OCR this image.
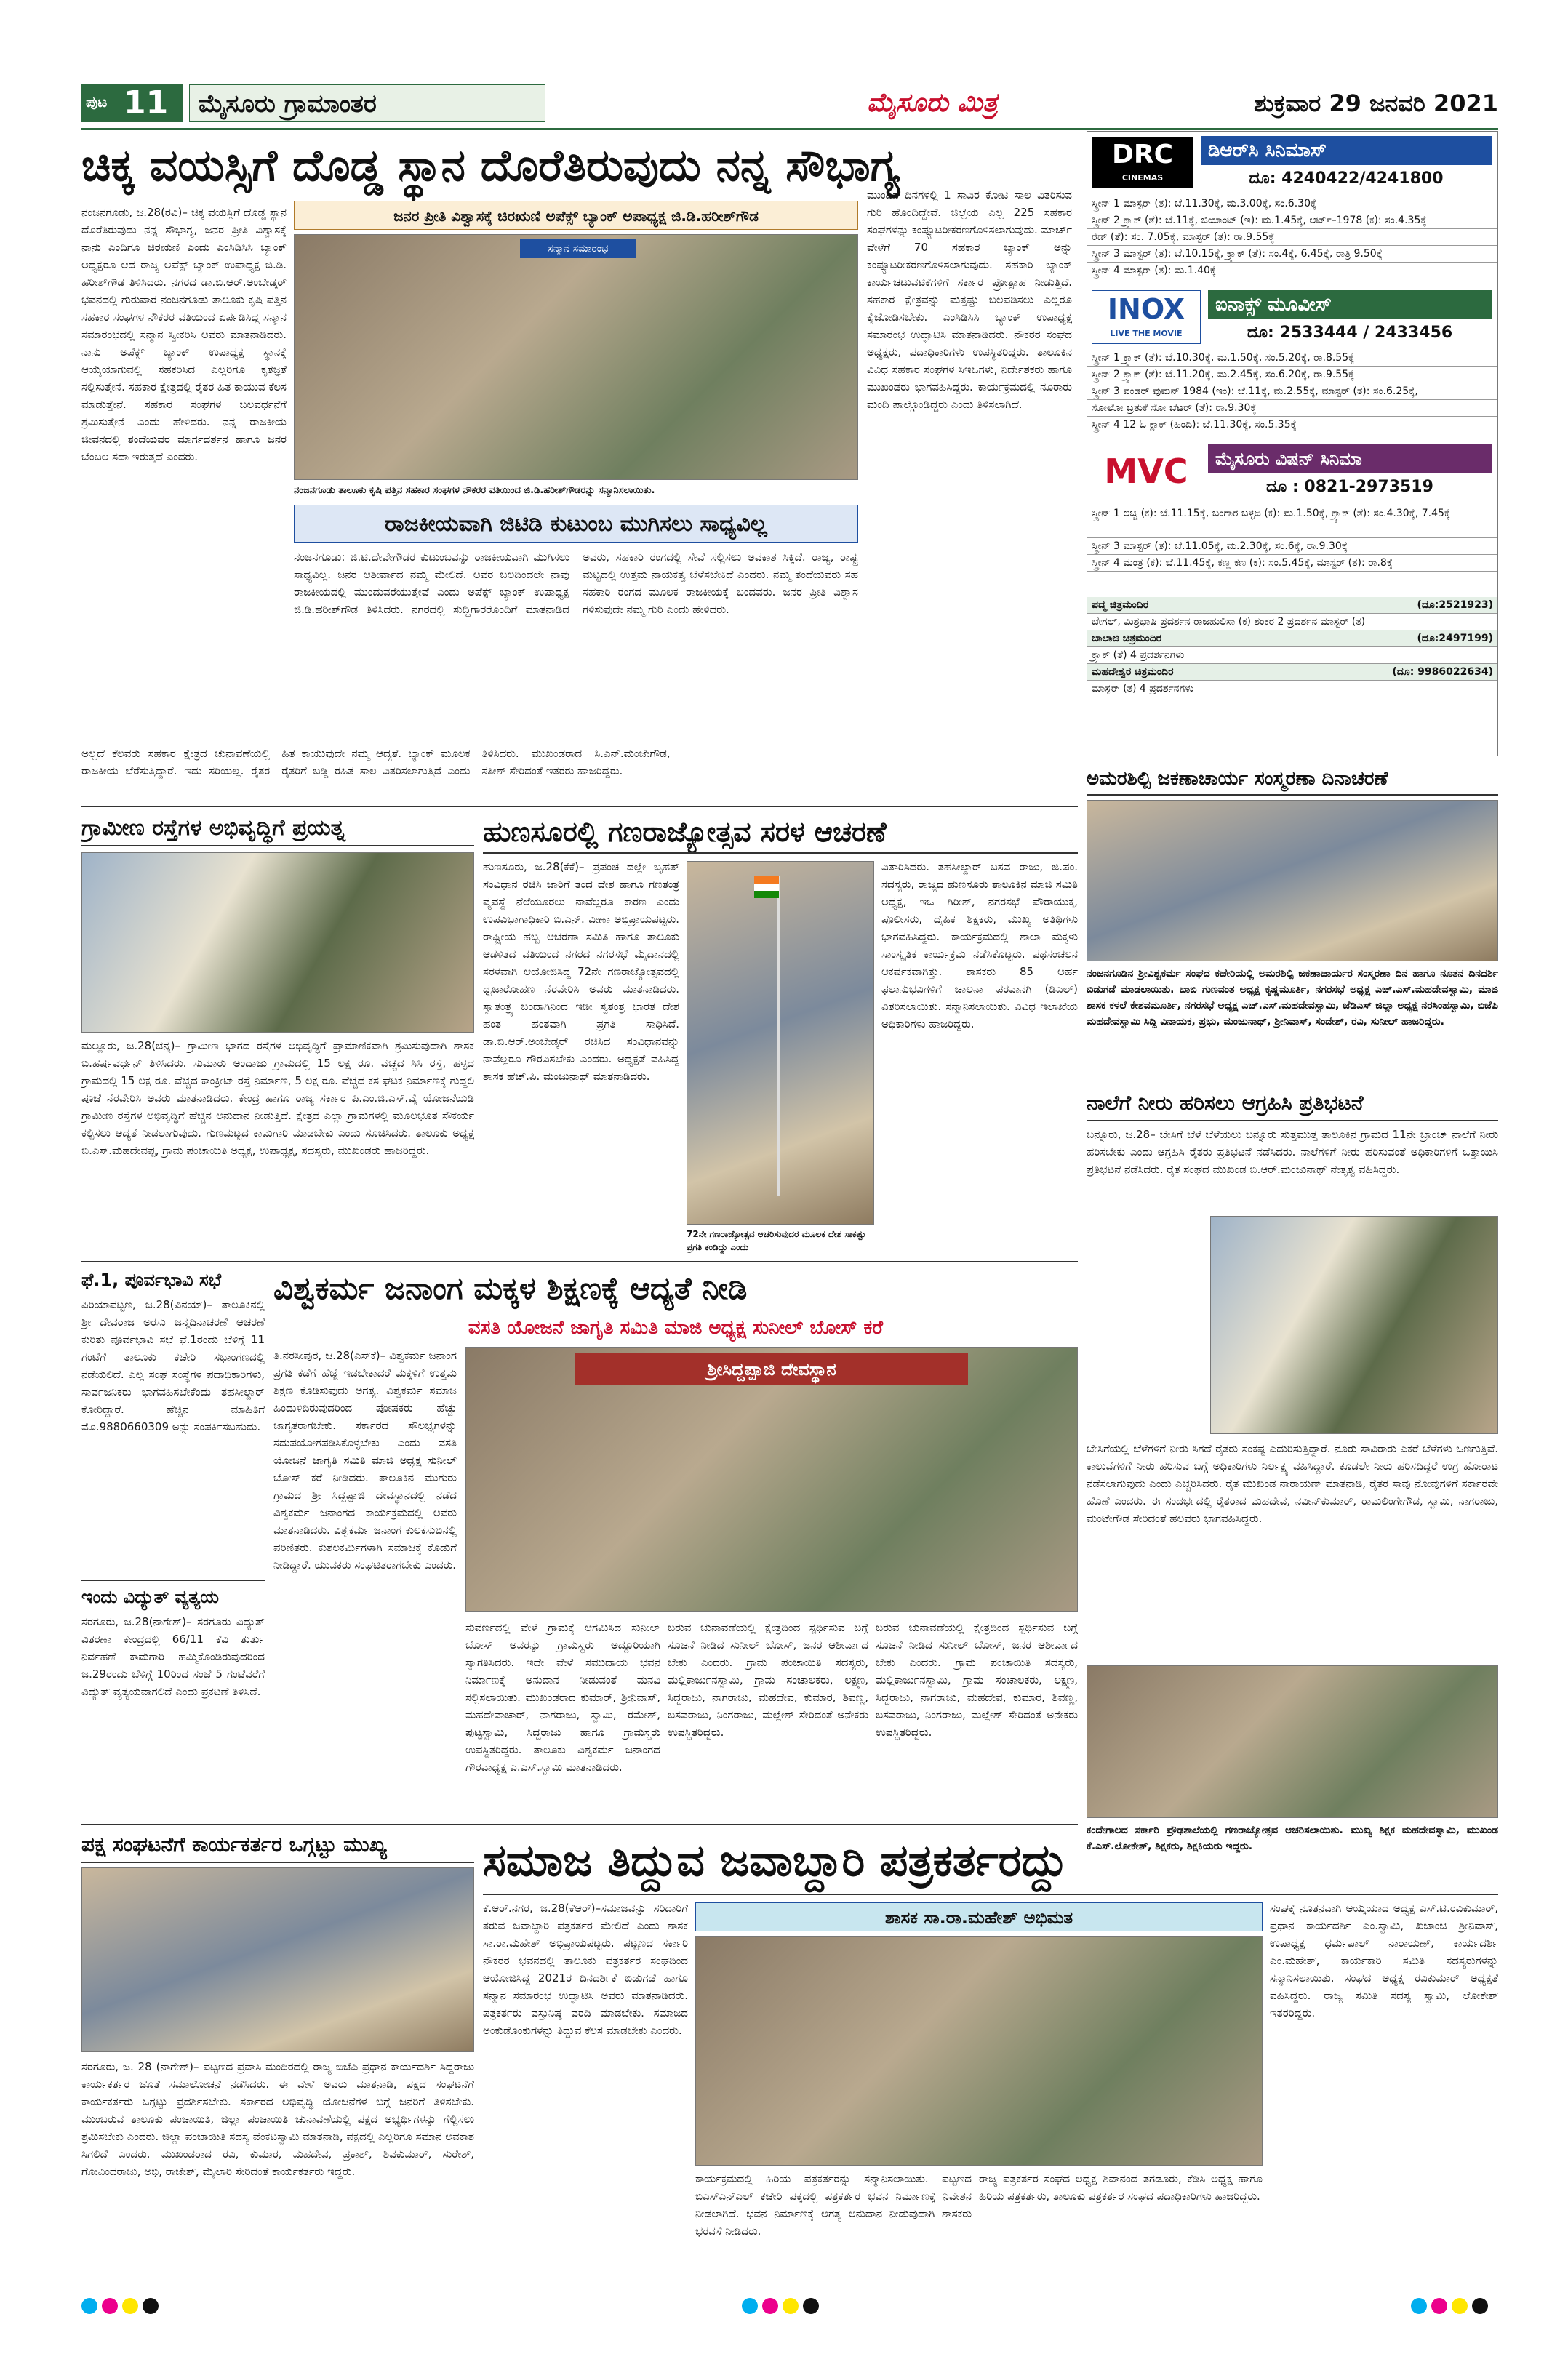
ಪುಟ 11	ಮೈಸೂರು ಗ್ರಾಮಾಂತರ	ಮೈಸೂರು ಮಿತ್ರ	ಶುಕ್ರವಾರ 29 ಜನವರಿ 2021
ಚಿಕ್ಕ ವಯಸ್ಸಿಗೆ ದೊಡ್ಡ ಸ್ಥಾನ ದೊರೆತಿರುವುದು ನನ್ನ ಸೌಭಾಗ್ಯ
ನಂಜನಗೂಡು, ಜ.28(ರವಿ)– ಚಿಕ್ಕ ವಯಸ್ಸಿಗೆ ದೊಡ್ಡ ಸ್ಥಾನ ದೊರೆತಿರುವುದು ನನ್ನ ಸೌಭಾಗ್ಯ, ಜನರ ಪ್ರೀತಿ ವಿಶ್ವಾಸಕ್ಕೆ ನಾನು ಎಂದಿಗೂ ಚಿರಋಣಿ ಎಂದು ಎಂಸಿಡಿಸಿಸಿ ಬ್ಯಾಂಕ್ ಅಧ್ಯಕ್ಷರೂ ಆದ ರಾಜ್ಯ ಅಪೆಕ್ಸ್ ಬ್ಯಾಂಕ್ ಉಪಾಧ್ಯಕ್ಷ ಜಿ.ಡಿ. ಹರೀಶ್‌ಗೌಡ ತಿಳಿಸಿದರು. ನಗರದ ಡಾ.ಬಿ.ಆರ್.ಅಂಬೇಡ್ಕರ್ ಭವನದಲ್ಲಿ ಗುರುವಾರ ನಂಜನಗೂಡು ತಾಲೂಕು ಕೃಷಿ ಪತ್ತಿನ ಸಹಕಾರ ಸಂಘಗಳ ನೌಕರರ ವತಿಯಿಂದ ಏರ್ಪಡಿಸಿದ್ದ ಸನ್ಮಾನ ಸಮಾರಂಭದಲ್ಲಿ ಸನ್ಮಾನ ಸ್ವೀಕರಿಸಿ ಅವರು ಮಾತನಾಡಿದರು. ನಾನು ಅಪೆಕ್ಸ್ ಬ್ಯಾಂಕ್ ಉಪಾಧ್ಯಕ್ಷ ಸ್ಥಾನಕ್ಕೆ ಆಯ್ಕೆಯಾಗುವಲ್ಲಿ ಸಹಕರಿಸಿದ ಎಲ್ಲರಿಗೂ ಕೃತಜ್ಞತೆ ಸಲ್ಲಿಸುತ್ತೇನೆ. ಸಹಕಾರ ಕ್ಷೇತ್ರದಲ್ಲಿ ರೈತರ ಹಿತ ಕಾಯುವ ಕೆಲಸ ಮಾಡುತ್ತೇನೆ. ಸಹಕಾರ ಸಂಘಗಳ ಬಲವರ್ಧನೆಗೆ ಶ್ರಮಿಸುತ್ತೇನೆ ಎಂದು ಹೇಳಿದರು. ನನ್ನ ರಾಜಕೀಯ ಜೀವನದಲ್ಲಿ ತಂದೆಯವರ ಮಾರ್ಗದರ್ಶನ ಹಾಗೂ ಜನರ ಬೆಂಬಲ ಸದಾ ಇರುತ್ತದೆ ಎಂದರು.
ಜನರ ಪ್ರೀತಿ ವಿಶ್ವಾಸಕ್ಕೆ ಚಿರಋಣಿ ಅಪೆಕ್ಸ್ ಬ್ಯಾಂಕ್ ಅಪಾಧ್ಯಕ್ಷ ಜಿ.ಡಿ.ಹರೀಶ್‌ಗೌಡ
ಸನ್ಮಾನ ಸಮಾರಂಭ
ನಂಜನಗೂಡು ತಾಲೂಕು ಕೃಷಿ ಪತ್ತಿನ ಸಹಕಾರ ಸಂಘಗಳ ನೌಕರರ ವತಿಯಿಂದ ಜಿ.ಡಿ.ಹರೀಶ್‌ಗೌಡರನ್ನು ಸನ್ಮಾನಿಸಲಾಯಿತು.
ಮುಂದಿನ ದಿನಗಳಲ್ಲಿ 1 ಸಾವಿರ ಕೋಟಿ ಸಾಲ ವಿತರಿಸುವ ಗುರಿ ಹೊಂದಿದ್ದೇವೆ. ಜಿಲ್ಲೆಯ ಎಲ್ಲ 225 ಸಹಕಾರ ಸಂಘಗಳನ್ನು ಕಂಪ್ಯೂಟರೀಕರಣಗೊಳಿಸಲಾಗುವುದು. ಮಾರ್ಚ್ ವೇಳೆಗೆ 70 ಸಹಕಾರ ಬ್ಯಾಂಕ್ ಅನ್ನು ಕಂಪ್ಯೂಟರೀಕರಣಗೊಳಿಸಲಾಗುವುದು. ಸಹಕಾರಿ ಬ್ಯಾಂಕ್ ಕಾರ್ಯಚಟುವಟಿಕೆಗಳಿಗೆ ಸರ್ಕಾರ ಪ್ರೋತ್ಸಾಹ ನೀಡುತ್ತಿದೆ. ಸಹಕಾರ ಕ್ಷೇತ್ರವನ್ನು ಮತ್ತಷ್ಟು ಬಲಪಡಿಸಲು ಎಲ್ಲರೂ ಕೈಜೋಡಿಸಬೇಕು. ಎಂಸಿಡಿಸಿಸಿ ಬ್ಯಾಂಕ್ ಉಪಾಧ್ಯಕ್ಷ ಸಮಾರಂಭ ಉದ್ಘಾಟಿಸಿ ಮಾತನಾಡಿದರು. ನೌಕರರ ಸಂಘದ ಅಧ್ಯಕ್ಷರು, ಪದಾಧಿಕಾರಿಗಳು ಉಪಸ್ಥಿತರಿದ್ದರು. ತಾಲೂಕಿನ ವಿವಿಧ ಸಹಕಾರ ಸಂಘಗಳ ಸಿಇಒಗಳು, ನಿರ್ದೇಶಕರು ಹಾಗೂ ಮುಖಂಡರು ಭಾಗವಹಿಸಿದ್ದರು. ಕಾರ್ಯಕ್ರಮದಲ್ಲಿ ನೂರಾರು ಮಂದಿ ಪಾಲ್ಗೊಂಡಿದ್ದರು ಎಂದು ತಿಳಿಸಲಾಗಿದೆ.
ರಾಜಕೀಯವಾಗಿ ಜಿಟಿಡಿ ಕುಟುಂಬ ಮುಗಿಸಲು ಸಾಧ್ಯವಿಲ್ಲ
ನಂಜನಗೂಡು: ಜಿ.ಟಿ.ದೇವೇಗೌಡರ ಕುಟುಂಬವನ್ನು ರಾಜಕೀಯವಾಗಿ ಮುಗಿಸಲು ಸಾಧ್ಯವಿಲ್ಲ. ಜನರ ಆಶೀರ್ವಾದ ನಮ್ಮ ಮೇಲಿದೆ. ಅವರ ಬಲದಿಂದಲೇ ನಾವು ರಾಜಕೀಯದಲ್ಲಿ ಮುಂದುವರೆಯುತ್ತೇವೆ ಎಂದು ಅಪೆಕ್ಸ್ ಬ್ಯಾಂಕ್ ಉಪಾಧ್ಯಕ್ಷ ಜಿ.ಡಿ.ಹರೀಶ್‌ಗೌಡ ತಿಳಿಸಿದರು. ನಗರದಲ್ಲಿ ಸುದ್ದಿಗಾರರೊಂದಿಗೆ ಮಾತನಾಡಿದ ಅವರು, ಸಹಕಾರಿ ರಂಗದಲ್ಲಿ ಸೇವೆ ಸಲ್ಲಿಸಲು ಅವಕಾಶ ಸಿಕ್ಕಿದೆ. ರಾಜ್ಯ, ರಾಷ್ಟ್ರ ಮಟ್ಟದಲ್ಲಿ ಉತ್ತಮ ನಾಯಕತ್ವ ಬೆಳೆಸಬೇಕಿದೆ ಎಂದರು. ನಮ್ಮ ತಂದೆಯವರು ಸಹ ಸಹಕಾರಿ ರಂಗದ ಮೂಲಕ ರಾಜಕೀಯಕ್ಕೆ ಬಂದವರು. ಜನರ ಪ್ರೀತಿ ವಿಶ್ವಾಸ ಗಳಿಸುವುದೇ ನಮ್ಮ ಗುರಿ ಎಂದು ಹೇಳಿದರು.
ಅಲ್ಲದೆ ಕೆಲವರು ಸಹಕಾರ ಕ್ಷೇತ್ರದ ಚುನಾವಣೆಯಲ್ಲಿ ರಾಜಕೀಯ ಬೆರೆಸುತ್ತಿದ್ದಾರೆ. ಇದು ಸರಿಯಲ್ಲ. ರೈತರ ಹಿತ ಕಾಯುವುದೇ ನಮ್ಮ ಆದ್ಯತೆ. ಬ್ಯಾಂಕ್ ಮೂಲಕ ರೈತರಿಗೆ ಬಡ್ಡಿ ರಹಿತ ಸಾಲ ವಿತರಿಸಲಾಗುತ್ತಿದೆ ಎಂದು ತಿಳಿಸಿದರು. ಮುಖಂಡರಾದ ಸಿ.ಎನ್.ಮಂಜೇಗೌಡ, ಸತೀಶ್ ಸೇರಿದಂತೆ ಇತರರು ಹಾಜರಿದ್ದರು.
DRC
CINEMAS
ಡಿಆರ್‌ಸಿ ಸಿನಿಮಾಸ್
ದೂ: 4240422/4241800
ಸ್ಕ್ರೀನ್ 1 ಮಾಸ್ಟರ್ (ತ): ಬೆ.11.30ಕ್ಕೆ, ಮ.3.00ಕ್ಕೆ, ಸಂ.6.30ಕ್ಕೆ
ಸ್ಕ್ರೀನ್ 2 ಕ್ರ್ಯಾಕ್ (ತೆ): ಬೆ.11ಕ್ಕೆ, ಜಿಯಾಂಟ್ (ಇ): ಮ.1.45ಕ್ಕೆ, ಆರ್ಟ್‌–1978 (ಕ): ಸಂ.4.35ಕ್ಕೆ
ರೆಡ್ (ತೆ): ಸಂ. 7.05ಕ್ಕೆ, ಮಾಸ್ಟರ್ (ತ): ರಾ.9.55ಕ್ಕೆ
ಸ್ಕ್ರೀನ್ 3 ಮಾಸ್ಟರ್ (ತ): ಬೆ.10.15ಕ್ಕೆ, ಕ್ರ್ಯಾಕ್ (ತೆ): ಸಂ.4ಕ್ಕೆ, 6.45ಕ್ಕೆ, ರಾತ್ರಿ 9.50ಕ್ಕೆ
ಸ್ಕ್ರೀನ್ 4 ಮಾಸ್ಟರ್ (ತ): ಮ.1.40ಕ್ಕೆ
INOX
LIVE THE MOVIE
ಐನಾಕ್ಸ್ ಮೂವೀಸ್
ದೂ: 2533444 / 2433456
ಸ್ಕ್ರೀನ್ 1 ಕ್ರ್ಯಾಕ್ (ತೆ): ಬೆ.10.30ಕ್ಕೆ, ಮ.1.50ಕ್ಕೆ, ಸಂ.5.20ಕ್ಕೆ, ರಾ.8.55ಕ್ಕೆ
ಸ್ಕ್ರೀನ್ 2 ಕ್ರ್ಯಾಕ್ (ತೆ): ಬೆ.11.20ಕ್ಕೆ, ಮ.2.45ಕ್ಕೆ, ಸಂ.6.20ಕ್ಕೆ, ರಾ.9.55ಕ್ಕೆ
ಸ್ಕ್ರೀನ್ 3 ವಂಡರ್ ವುಮನ್ 1984 (ಇಂ): ಬೆ.11ಕ್ಕೆ, ಮ.2.55ಕ್ಕೆ, ಮಾಸ್ಟರ್ (ತ): ಸಂ.6.25ಕ್ಕೆ,
ಸೋಲೋ ಬ್ರತುಕೆ ಸೋ ಬೆಟರ್ (ತೆ): ರಾ.9.30ಕ್ಕೆ
ಸ್ಕ್ರೀನ್ 4 12 ಓ ಕ್ಲಾಕ್ (ಹಿಂದಿ): ಬೆ.11.30ಕ್ಕೆ, ಸಂ.5.35ಕ್ಕೆ
MVC	ಮೈಸೂರು ವಿಷನ್ ಸಿನಿಮಾ
ದೂ : 0821-2973519
ಸ್ಕ್ರೀನ್ 1 ಲಚ್ಚಿ (ಕ): ಬೆ.11.15ಕ್ಕೆ, ಬಂಗಾರ ಬಳ್ಳದಿ (ಕ): ಮ.1.50ಕ್ಕೆ, ಕ್ರ್ಯಾಕ್ (ತೆ): ಸಂ.4.30ಕ್ಕೆ, 7.45ಕ್ಕೆ
ಸ್ಕ್ರೀನ್ 3 ಮಾಸ್ಟರ್ (ತ): ಬೆ.11.05ಕ್ಕೆ, ಮ.2.30ಕ್ಕೆ, ಸಂ.6ಕ್ಕೆ, ರಾ.9.30ಕ್ಕೆ
ಸ್ಕ್ರೀನ್ 4 ಮಂತ್ರ (ಕ): ಬೆ.11.45ಕ್ಕೆ, ಕಣ್ಣ ಕಣ (ಕ): ಸಂ.5.45ಕ್ಕೆ, ಮಾಸ್ಟರ್ (ತ): ರಾ.8ಕ್ಕೆ
ಪದ್ಮ ಚಿತ್ರಮಂದಿರ	(ದೂ:2521923)
ಬೇಗಲ್, ಮಿಶ್ರಭಾಷಿ ಪ್ರದರ್ಶನ ರಾಜಹುಲಿಸಾ (ಕ) ಶಂಕರ 2 ಪ್ರದರ್ಶನ ಮಾಸ್ಟರ್ (ತ)
ಬಾಲಾಜಿ ಚಿತ್ರಮಂದಿರ	(ದೂ:2497199)
ಕ್ರ್ಯಾಕ್ (ತೆ) 4 ಪ್ರದರ್ಶನಗಳು
ಮಹದೇಶ್ವರ ಚಿತ್ರಮಂದಿರ	(ದೂ: 9986022634)
ಮಾಸ್ಟರ್ (ತ) 4 ಪ್ರದರ್ಶನಗಳು
ಅಮರಶಿಲ್ಪಿ ಜಕಣಾಚಾರ್ಯ ಸಂಸ್ಮರಣಾ ದಿನಾಚರಣೆ
ನಂಜನಗೂಡಿನ ಶ್ರೀವಿಶ್ವಕರ್ಮ ಸಂಘದ ಕಚೇರಿಯಲ್ಲಿ ಅಮರಶಿಲ್ಪಿ ಜಕಣಾಚಾರ್ಯರ ಸಂಸ್ಮರಣಾ ದಿನ ಹಾಗೂ ನೂತನ ದಿನದರ್ಶಿ ಬಿಡುಗಡೆ ಮಾಡಲಾಯಿತು. ಬಾಬಿ ಗುಣವಂತ ಅಧ್ಯಕ್ಷ ಕೃಷ್ಣಮೂರ್ತಿ, ನಗರಸಭೆ ಅಧ್ಯಕ್ಷ ಎಚ್.ಎಸ್.ಮಹದೇವಸ್ವಾಮಿ, ಮಾಜಿ ಶಾಸಕ ಕಳಲೆ ಕೇಶವಮೂರ್ತಿ, ನಗರಸಭೆ ಅಧ್ಯಕ್ಷ ಎಚ್.ಎಸ್.ಮಹದೇವಸ್ವಾಮಿ, ಜೆಡಿಎಸ್ ಜಿಲ್ಲಾ ಅಧ್ಯಕ್ಷ ನರಸಿಂಹಸ್ವಾಮಿ, ಬಿಜೆಪಿ ಮಹದೇವಸ್ವಾಮಿ ಸಿದ್ದಿ ವಿನಾಯಕ, ಪ್ರಭು, ಮಂಜುನಾಥ್, ಶ್ರೀನಿವಾಸ್, ಸಂದೇಶ್, ರವಿ, ಸುನೀಲ್ ಹಾಜರಿದ್ದರು.
ನಾಲೆಗೆ ನೀರು ಹರಿಸಲು ಆಗ್ರಹಿಸಿ ಪ್ರತಿಭಟನೆ
ಬನ್ನೂರು, ಜ.28– ಬೇಸಿಗೆ ಬೆಳೆ ಬೆಳೆಯಲು ಬನ್ನೂರು ಸುತ್ತಮುತ್ತ ತಾಲೂಕಿನ ಗ್ರಾಮದ 11ನೇ ಬ್ರಾಂಚ್ ನಾಲೆಗೆ ನೀರು ಹರಿಸಬೇಕು ಎಂದು ಆಗ್ರಹಿಸಿ ರೈತರು ಪ್ರತಿಭಟನೆ ನಡೆಸಿದರು. ನಾಲೆಗಳಿಗೆ ನೀರು ಹರಿಸುವಂತೆ ಅಧಿಕಾರಿಗಳಿಗೆ ಒತ್ತಾಯಿಸಿ ಪ್ರತಿಭಟನೆ ನಡೆಸಿದರು. ರೈತ ಸಂಘದ ಮುಖಂಡ ಬಿ.ಆರ್.ಮಂಜುನಾಥ್ ನೇತೃತ್ವ ವಹಿಸಿದ್ದರು.
ಬೇಸಿಗೆಯಲ್ಲಿ ಬೆಳೆಗಳಿಗೆ ನೀರು ಸಿಗದೆ ರೈತರು ಸಂಕಷ್ಟ ಎದುರಿಸುತ್ತಿದ್ದಾರೆ. ನೂರು ಸಾವಿರಾರು ಎಕರೆ ಬೆಳೆಗಳು ಒಣಗುತ್ತಿವೆ. ಕಾಲುವೆಗಳಿಗೆ ನೀರು ಹರಿಸುವ ಬಗ್ಗೆ ಅಧಿಕಾರಿಗಳು ನಿರ್ಲಕ್ಷ್ಯ ವಹಿಸಿದ್ದಾರೆ. ಕೂಡಲೇ ನೀರು ಹರಿಸದಿದ್ದರೆ ಉಗ್ರ ಹೋರಾಟ ನಡೆಸಲಾಗುವುದು ಎಂದು ಎಚ್ಚರಿಸಿದರು. ರೈತ ಮುಖಂಡ ನಾರಾಯಣ್ ಮಾತನಾಡಿ, ರೈತರ ಸಾವು ನೋವುಗಳಿಗೆ ಸರ್ಕಾರವೇ ಹೊಣೆ ಎಂದರು. ಈ ಸಂದರ್ಭದಲ್ಲಿ ರೈತರಾದ ಮಹದೇವ, ನವೀನ್‌ಕುಮಾರ್, ರಾಮಲಿಂಗೇಗೌಡ, ಸ್ವಾಮಿ, ನಾಗರಾಜು, ಮಂಟೇಗೌಡ ಸೇರಿದಂತೆ ಹಲವರು ಭಾಗವಹಿಸಿದ್ದರು.
ಕಂದೇಗಾಲದ ಸರ್ಕಾರಿ ಪ್ರೌಢಶಾಲೆಯಲ್ಲಿ ಗಣರಾಜ್ಯೋತ್ಸವ ಆಚರಿಸಲಾಯಿತು. ಮುಖ್ಯ ಶಿಕ್ಷಕ ಮಹದೇವಸ್ವಾಮಿ, ಮುಖಂಡ ಕೆ.ಎಸ್.ಲೋಕೇಶ್, ಶಿಕ್ಷಕರು, ಶಿಕ್ಷಕಿಯರು ಇದ್ದರು.
ಗ್ರಾಮೀಣ ರಸ್ತೆಗಳ ಅಭಿವೃದ್ಧಿಗೆ ಪ್ರಯತ್ನ
ಮಲ್ಲೂರು, ಜ.28(ಚನ್ನ)– ಗ್ರಾಮೀಣ ಭಾಗದ ರಸ್ತೆಗಳ ಅಭಿವೃದ್ಧಿಗೆ ಪ್ರಾಮಾಣಿಕವಾಗಿ ಶ್ರಮಿಸುವುದಾಗಿ ಶಾಸಕ ಬಿ.ಹರ್ಷವರ್ಧನ್ ತಿಳಿಸಿದರು. ಸುಮಾರು ಅಂದಾಜು ಗ್ರಾಮದಲ್ಲಿ 15 ಲಕ್ಷ ರೂ. ವೆಚ್ಚದ ಸಿಸಿ ರಸ್ತೆ, ಹಳ್ಳದ ಗ್ರಾಮದಲ್ಲಿ 15 ಲಕ್ಷ ರೂ. ವೆಚ್ಚದ ಕಾಂಕ್ರೀಟ್ ರಸ್ತೆ ನಿರ್ಮಾಣ, 5 ಲಕ್ಷ ರೂ. ವೆಚ್ಚದ ಕಸ ಘಟಕ ನಿರ್ಮಾಣಕ್ಕೆ ಗುದ್ದಲಿ ಪೂಜೆ ನೆರವೇರಿಸಿ ಅವರು ಮಾತನಾಡಿದರು. ಕೇಂದ್ರ ಹಾಗೂ ರಾಜ್ಯ ಸರ್ಕಾರ ಪಿ.ಎಂ.ಜಿ.ಎಸ್.ವೈ ಯೋಜನೆಯಡಿ ಗ್ರಾಮೀಣ ರಸ್ತೆಗಳ ಅಭಿವೃದ್ಧಿಗೆ ಹೆಚ್ಚಿನ ಅನುದಾನ ನೀಡುತ್ತಿದೆ. ಕ್ಷೇತ್ರದ ಎಲ್ಲಾ ಗ್ರಾಮಗಳಲ್ಲಿ ಮೂಲಭೂತ ಸೌಕರ್ಯ ಕಲ್ಪಿಸಲು ಆದ್ಯತೆ ನೀಡಲಾಗುವುದು. ಗುಣಮಟ್ಟದ ಕಾಮಗಾರಿ ಮಾಡಬೇಕು ಎಂದು ಸೂಚಿಸಿದರು. ತಾಲೂಕು ಅಧ್ಯಕ್ಷ ಬಿ.ಎಸ್.ಮಹದೇವಪ್ಪ, ಗ್ರಾಮ ಪಂಚಾಯಿತಿ ಅಧ್ಯಕ್ಷ, ಉಪಾಧ್ಯಕ್ಷ, ಸದಸ್ಯರು, ಮುಖಂಡರು ಹಾಜರಿದ್ದರು.
ಹುಣಸೂರಲ್ಲಿ ಗಣರಾಜ್ಯೋತ್ಸವ ಸರಳ ಆಚರಣೆ
ಹುಣಸೂರು, ಜ.28(ಕೆಕೆ)– ಪ್ರಪಂಚ ದಲ್ಲೇ ಬೃಹತ್ ಸಂವಿಧಾನ ರಚಿಸಿ ಜಾರಿಗೆ ತಂದ ದೇಶ ಹಾಗೂ ಗಣತಂತ್ರ ವ್ಯವಸ್ಥೆ ನೆಲೆಯೂರಲು ನಾವೆಲ್ಲರೂ ಕಾರಣ ಎಂದು ಉಪವಿಭಾಗಾಧಿಕಾರಿ ಬಿ.ಎನ್. ವೀಣಾ ಅಭಿಪ್ರಾಯಪಟ್ಟರು. ರಾಷ್ಟ್ರೀಯ ಹಬ್ಬ ಆಚರಣಾ ಸಮಿತಿ ಹಾಗೂ ತಾಲೂಕು ಆಡಳಿತದ ವತಿಯಿಂದ ನಗರದ ನಗರಸಭೆ ಮೈದಾನದಲ್ಲಿ ಸರಳವಾಗಿ ಆಯೋಜಿಸಿದ್ದ 72ನೇ ಗಣರಾಜ್ಯೋತ್ಸವದಲ್ಲಿ ಧ್ವಜಾರೋಹಣ ನೆರವೇರಿಸಿ ಅವರು ಮಾತನಾಡಿದರು. ಸ್ವಾತಂತ್ರ್ಯ ಬಂದಾಗಿನಿಂದ ಇಡೀ ಸ್ವತಂತ್ರ ಭಾರತ ದೇಶ ಹಂತ ಹಂತವಾಗಿ ಪ್ರಗತಿ ಸಾಧಿಸಿದೆ. ಡಾ.ಬಿ.ಆರ್.ಅಂಬೇಡ್ಕರ್ ರಚಿಸಿದ ಸಂವಿಧಾನವನ್ನು ನಾವೆಲ್ಲರೂ ಗೌರವಿಸಬೇಕು ಎಂದರು. ಅಧ್ಯಕ್ಷತೆ ವಹಿಸಿದ್ದ ಶಾಸಕ ಹೆಚ್.ಪಿ. ಮಂಜುನಾಥ್ ಮಾತನಾಡಿದರು.
72ನೇ ಗಣರಾಜ್ಯೋತ್ಸವ ಆಚರಿಸುವುದರ ಮೂಲಕ ದೇಶ ಸಾಕಷ್ಟು ಪ್ರಗತಿ ಕಂಡಿದ್ದು ಎಂದು
ವಿತಾರಿಸಿದರು. ತಹಸೀಲ್ದಾರ್ ಬಸವ ರಾಜು, ಜಿ.ಪಂ. ಸದಸ್ಯರು, ರಾಜ್ಯದ ಹುಣಸೂರು ತಾಲೂಕಿನ ಮಾಜಿ ಸಮಿತಿ ಅಧ್ಯಕ್ಷ, ಇಒ ಗಿರೀಶ್, ನಗರಸಭೆ ಪೌರಾಯುಕ್ತ, ಪೊಲೀಸರು, ದೈಹಿಕ ಶಿಕ್ಷಕರು, ಮುಖ್ಯ ಅತಿಥಿಗಳು ಭಾಗವಹಿಸಿದ್ದರು. ಕಾರ್ಯಕ್ರಮದಲ್ಲಿ ಶಾಲಾ ಮಕ್ಕಳು ಸಾಂಸ್ಕೃತಿಕ ಕಾರ್ಯಕ್ರಮ ನಡೆಸಿಕೊಟ್ಟರು. ಪಥಸಂಚಲನ ಆಕರ್ಷಕವಾಗಿತ್ತು. ಶಾಸಕರು 85 ಅರ್ಹ ಫಲಾನುಭವಿಗಳಿಗೆ ಚಾಲನಾ ಪರವಾನಗಿ (ಡಿಎಲ್) ವಿತರಿಸಲಾಯಿತು. ಸನ್ಮಾನಿಸಲಾಯಿತು. ವಿವಿಧ ಇಲಾಖೆಯ ಅಧಿಕಾರಿಗಳು ಹಾಜರಿದ್ದರು.
ಫೆ.1, ಪೂರ್ವಭಾವಿ ಸಭೆ
ಪಿರಿಯಾಪಟ್ಟಣ, ಜ.28(ವಿನಯ್)– ತಾಲೂಕಿನಲ್ಲಿ ಶ್ರೀ ದೇವರಾಜ ಅರಸು ಜನ್ಮದಿನಾಚರಣೆ ಆಚರಣೆ ಕುರಿತು ಪೂರ್ವಭಾವಿ ಸಭೆ ಫೆ.1ರಂದು ಬೆಳಿಗ್ಗೆ 11 ಗಂಟೆಗೆ ತಾಲೂಕು ಕಚೇರಿ ಸಭಾಂಗಣದಲ್ಲಿ ನಡೆಯಲಿದೆ. ಎಲ್ಲ ಸಂಘ ಸಂಸ್ಥೆಗಳ ಪದಾಧಿಕಾರಿಗಳು, ಸಾರ್ವಜನಿಕರು ಭಾಗವಹಿಸಬೇಕೆಂದು ತಹಸೀಲ್ದಾರ್ ಕೋರಿದ್ದಾರೆ. ಹೆಚ್ಚಿನ ಮಾಹಿತಿಗೆ ಮೊ.9880660309 ಅನ್ನು ಸಂಪರ್ಕಿಸಬಹುದು.
ಇಂದು ವಿದ್ಯುತ್ ವ್ಯತ್ಯಯ
ಸರಗೂರು, ಜ.28(ನಾಗೇಶ್)– ಸರಗೂರು ವಿದ್ಯುತ್ ವಿತರಣಾ ಕೇಂದ್ರದಲ್ಲಿ 66/11 ಕೆವಿ ತುರ್ತು ನಿರ್ವಹಣೆ ಕಾಮಗಾರಿ ಹಮ್ಮಿಕೊಂಡಿರುವುದರಿಂದ ಜ.29ರಂದು ಬೆಳಿಗ್ಗೆ 10ರಿಂದ ಸಂಜೆ 5 ಗಂಟೆವರೆಗೆ ವಿದ್ಯುತ್ ವ್ಯತ್ಯಯವಾಗಲಿದೆ ಎಂದು ಪ್ರಕಟಣೆ ತಿಳಿಸಿದೆ.
ವಿಶ್ವಕರ್ಮ ಜನಾಂಗ ಮಕ್ಕಳ ಶಿಕ್ಷಣಕ್ಕೆ ಆದ್ಯತೆ ನೀಡಿ
ವಸತಿ ಯೋಜನೆ ಜಾಗೃತಿ ಸಮಿತಿ ಮಾಜಿ ಅಧ್ಯಕ್ಷ ಸುನೀಲ್ ಬೋಸ್ ಕರೆ
ತಿ.ನರಸೀಪುರ, ಜ.28(ಎಸ್‌ಕೆ)– ವಿಶ್ವಕರ್ಮ ಜನಾಂಗ ಪ್ರಗತಿ ಕಡೆಗೆ ಹೆಜ್ಜೆ ಇಡಬೇಕಾದರೆ ಮಕ್ಕಳಿಗೆ ಉತ್ತಮ ಶಿಕ್ಷಣ ಕೊಡಿಸುವುದು ಅಗತ್ಯ. ವಿಶ್ವಕರ್ಮ ಸಮಾಜ ಹಿಂದುಳಿದಿರುವುದರಿಂದ ಪೋಷಕರು ಹೆಚ್ಚು ಜಾಗೃತರಾಗಬೇಕು. ಸರ್ಕಾರದ ಸೌಲಭ್ಯಗಳನ್ನು ಸದುಪಯೋಗಪಡಿಸಿಕೊಳ್ಳಬೇಕು ಎಂದು ವಸತಿ ಯೋಜನೆ ಜಾಗೃತಿ ಸಮಿತಿ ಮಾಜಿ ಅಧ್ಯಕ್ಷ ಸುನೀಲ್ ಬೋಸ್ ಕರೆ ನೀಡಿದರು. ತಾಲೂಕಿನ ಮುಗುರು ಗ್ರಾಮದ ಶ್ರೀ ಸಿದ್ದಪ್ಪಾಜಿ ದೇವಸ್ಥಾನದಲ್ಲಿ ನಡೆದ ವಿಶ್ವಕರ್ಮ ಜನಾಂಗದ ಕಾರ್ಯಕ್ರಮದಲ್ಲಿ ಅವರು ಮಾತನಾಡಿದರು. ವಿಶ್ವಕರ್ಮ ಜನಾಂಗ ಕುಲಕಸುಬಿನಲ್ಲಿ ಪರಿಣಿತರು. ಕುಶಲಕರ್ಮಿಗಳಾಗಿ ಸಮಾಜಕ್ಕೆ ಕೊಡುಗೆ ನೀಡಿದ್ದಾರೆ. ಯುವಕರು ಸಂಘಟಿತರಾಗಬೇಕು ಎಂದರು.
ಶ್ರೀಸಿದ್ದಪ್ಪಾಜಿ ದೇವಸ್ಥಾನ
ಸುವರ್ಣದಲ್ಲಿ ವೇಳೆ ಗ್ರಾಮಕ್ಕೆ ಆಗಮಿಸಿದ ಸುನೀಲ್ ಬೋಸ್ ಅವರನ್ನು ಗ್ರಾಮಸ್ಥರು ಅದ್ದೂರಿಯಾಗಿ ಸ್ವಾಗತಿಸಿದರು. ಇದೇ ವೇಳೆ ಸಮುದಾಯ ಭವನ ನಿರ್ಮಾಣಕ್ಕೆ ಅನುದಾನ ನೀಡುವಂತೆ ಮನವಿ ಸಲ್ಲಿಸಲಾಯಿತು. ಮುಖಂಡರಾದ ಕುಮಾರ್, ಶ್ರೀನಿವಾಸ್, ಮಹದೇವಾಚಾರ್, ನಾಗರಾಜು, ಸ್ವಾಮಿ, ರಮೇಶ್, ಪುಟ್ಟಸ್ವಾಮಿ, ಸಿದ್ದರಾಜು ಹಾಗೂ ಗ್ರಾಮಸ್ಥರು ಉಪಸ್ಥಿತರಿದ್ದರು. ತಾಲೂಕು ವಿಶ್ವಕರ್ಮ ಜನಾಂಗದ ಗೌರವಾಧ್ಯಕ್ಷ ಎ.ಎಸ್.ಸ್ವಾಮಿ ಮಾತನಾಡಿದರು.
ಬರುವ ಚುನಾವಣೆಯಲ್ಲಿ ಕ್ಷೇತ್ರದಿಂದ ಸ್ಪರ್ಧಿಸುವ ಬಗ್ಗೆ ಸೂಚನೆ ನೀಡಿದ ಸುನೀಲ್ ಬೋಸ್, ಜನರ ಆಶೀರ್ವಾದ ಬೇಕು ಎಂದರು. ಗ್ರಾಮ ಪಂಚಾಯಿತಿ ಸದಸ್ಯರು, ಮಲ್ಲಿಕಾರ್ಜುನಸ್ವಾಮಿ, ಗ್ರಾಮ ಸಂಚಾಲಕರು, ಲಕ್ಷ್ಮಣ, ಸಿದ್ದರಾಜು, ನಾಗರಾಜು, ಮಹದೇವ, ಕುಮಾರ, ಶಿವಣ್ಣ, ಬಸವರಾಜು, ನಿಂಗರಾಜು, ಮಲ್ಲೇಶ್ ಸೇರಿದಂತೆ ಅನೇಕರು ಉಪಸ್ಥಿತರಿದ್ದರು.
ಬರುವ ಚುನಾವಣೆಯಲ್ಲಿ ಕ್ಷೇತ್ರದಿಂದ ಸ್ಪರ್ಧಿಸುವ ಬಗ್ಗೆ ಸೂಚನೆ ನೀಡಿದ ಸುನೀಲ್ ಬೋಸ್, ಜನರ ಆಶೀರ್ವಾದ ಬೇಕು ಎಂದರು. ಗ್ರಾಮ ಪಂಚಾಯಿತಿ ಸದಸ್ಯರು, ಮಲ್ಲಿಕಾರ್ಜುನಸ್ವಾಮಿ, ಗ್ರಾಮ ಸಂಚಾಲಕರು, ಲಕ್ಷ್ಮಣ, ಸಿದ್ದರಾಜು, ನಾಗರಾಜು, ಮಹದೇವ, ಕುಮಾರ, ಶಿವಣ್ಣ, ಬಸವರಾಜು, ನಿಂಗರಾಜು, ಮಲ್ಲೇಶ್ ಸೇರಿದಂತೆ ಅನೇಕರು ಉಪಸ್ಥಿತರಿದ್ದರು.
ಪಕ್ಷ ಸಂಘಟನೆಗೆ ಕಾರ್ಯಕರ್ತರ ಒಗ್ಗಟ್ಟು ಮುಖ್ಯ
ಸರಗೂರು, ಜ. 28 (ನಾಗೇಶ್)– ಪಟ್ಟಣದ ಪ್ರವಾಸಿ ಮಂದಿರದಲ್ಲಿ ರಾಜ್ಯ ಬಿಜೆಪಿ ಪ್ರಧಾನ ಕಾರ್ಯದರ್ಶಿ ಸಿದ್ದರಾಜು ಕಾರ್ಯಕರ್ತರ ಜೊತೆ ಸಮಾಲೋಚನೆ ನಡೆಸಿದರು. ಈ ವೇಳೆ ಅವರು ಮಾತನಾಡಿ, ಪಕ್ಷದ ಸಂಘಟನೆಗೆ ಕಾರ್ಯಕರ್ತರು ಒಗ್ಗಟ್ಟು ಪ್ರದರ್ಶಿಸಬೇಕು. ಸರ್ಕಾರದ ಅಭಿವೃದ್ಧಿ ಯೋಜನೆಗಳ ಬಗ್ಗೆ ಜನರಿಗೆ ತಿಳಿಸಬೇಕು. ಮುಂಬರುವ ತಾಲೂಕು ಪಂಚಾಯಿತಿ, ಜಿಲ್ಲಾ ಪಂಚಾಯಿತಿ ಚುನಾವಣೆಯಲ್ಲಿ ಪಕ್ಷದ ಅಭ್ಯರ್ಥಿಗಳನ್ನು ಗೆಲ್ಲಿಸಲು ಶ್ರಮಿಸಬೇಕು ಎಂದರು. ಜಿಲ್ಲಾ ಪಂಚಾಯಿತಿ ಸದಸ್ಯ ವೆಂಕಟಸ್ವಾಮಿ ಮಾತನಾಡಿ, ಪಕ್ಷದಲ್ಲಿ ಎಲ್ಲರಿಗೂ ಸಮಾನ ಅವಕಾಶ ಸಿಗಲಿದೆ ಎಂದರು. ಮುಖಂಡರಾದ ರವಿ, ಕುಮಾರ, ಮಹದೇವ, ಪ್ರಕಾಶ್, ಶಿವಕುಮಾರ್, ಸುರೇಶ್, ಗೋವಿಂದರಾಜು, ಅಭಿ, ರಾಜೇಶ್, ಮೈಲಾರಿ ಸೇರಿದಂತೆ ಕಾರ್ಯಕರ್ತರು ಇದ್ದರು.
ಸಮಾಜ ತಿದ್ದುವ ಜವಾಬ್ದಾರಿ ಪತ್ರಕರ್ತರದ್ದು
ಕೆ.ಆರ್.ನಗರ, ಜ.28(ಕೆಆರ್)–ಸಮಾಜವನ್ನು ಸರಿದಾರಿಗೆ ತರುವ ಜವಾಬ್ದಾರಿ ಪತ್ರಕರ್ತರ ಮೇಲಿದೆ ಎಂದು ಶಾಸಕ ಸಾ.ರಾ.ಮಹೇಶ್ ಅಭಿಪ್ರಾಯಪಟ್ಟರು. ಪಟ್ಟಣದ ಸರ್ಕಾರಿ ನೌಕರರ ಭವನದಲ್ಲಿ ತಾಲೂಕು ಪತ್ರಕರ್ತರ ಸಂಘದಿಂದ ಆಯೋಜಿಸಿದ್ದ 2021ರ ದಿನದರ್ಶಿಕೆ ಬಿಡುಗಡೆ ಹಾಗೂ ಸನ್ಮಾನ ಸಮಾರಂಭ ಉದ್ಘಾಟಿಸಿ ಅವರು ಮಾತನಾಡಿದರು. ಪತ್ರಕರ್ತರು ವಸ್ತುನಿಷ್ಠ ವರದಿ ಮಾಡಬೇಕು. ಸಮಾಜದ ಅಂಕುಡೊಂಕುಗಳನ್ನು ತಿದ್ದುವ ಕೆಲಸ ಮಾಡಬೇಕು ಎಂದರು.
ಶಾಸಕ ಸಾ.ರಾ.ಮಹೇಶ್ ಅಭಿಮತ
ಕಾರ್ಯಕ್ರಮದಲ್ಲಿ ಹಿರಿಯ ಪತ್ರಕರ್ತರನ್ನು ಸನ್ಮಾನಿಸಲಾಯಿತು. ಪಟ್ಟಣದ ಬಿಎಸ್‌ಎನ್‌ಎಲ್ ಕಚೇರಿ ಪಕ್ಕದಲ್ಲಿ ಪತ್ರಕರ್ತರ ಭವನ ನಿರ್ಮಾಣಕ್ಕೆ ನಿವೇಶನ ನೀಡಲಾಗಿದೆ. ಭವನ ನಿರ್ಮಾಣಕ್ಕೆ ಅಗತ್ಯ ಅನುದಾನ ನೀಡುವುದಾಗಿ ಶಾಸಕರು ಭರವಸೆ ನೀಡಿದರು.
ರಾಜ್ಯ ಪತ್ರಕರ್ತರ ಸಂಘದ ಅಧ್ಯಕ್ಷ ಶಿವಾನಂದ ತಗಡೂರು, ಕೆಡಿಸಿ ಅಧ್ಯಕ್ಷ ಹಾಗೂ ಹಿರಿಯ ಪತ್ರಕರ್ತರು, ತಾಲೂಕು ಪತ್ರಕರ್ತರ ಸಂಘದ ಪದಾಧಿಕಾರಿಗಳು ಹಾಜರಿದ್ದರು.
ಸಂಘಕ್ಕೆ ನೂತನವಾಗಿ ಆಯ್ಕೆಯಾದ ಅಧ್ಯಕ್ಷ ಎಸ್.ಟಿ.ರವಿಕುಮಾರ್, ಪ್ರಧಾನ ಕಾರ್ಯದರ್ಶಿ ಎಂ.ಸ್ವಾಮಿ, ಖಜಾಂಚಿ ಶ್ರೀನಿವಾಸ್, ಉಪಾಧ್ಯಕ್ಷ ಧರ್ಮಪಾಲ್ ನಾರಾಯಣ್, ಕಾರ್ಯದರ್ಶಿ ಎಂ.ಮಹೇಶ್, ಕಾರ್ಯಕಾರಿ ಸಮಿತಿ ಸದಸ್ಯರುಗಳನ್ನು ಸನ್ಮಾನಿಸಲಾಯಿತು. ಸಂಘದ ಅಧ್ಯಕ್ಷ ರವಿಕುಮಾರ್ ಅಧ್ಯಕ್ಷತೆ ವಹಿಸಿದ್ದರು. ರಾಜ್ಯ ಸಮಿತಿ ಸದಸ್ಯ ಸ್ವಾಮಿ, ಲೋಕೇಶ್ ಇತರರಿದ್ದರು.
